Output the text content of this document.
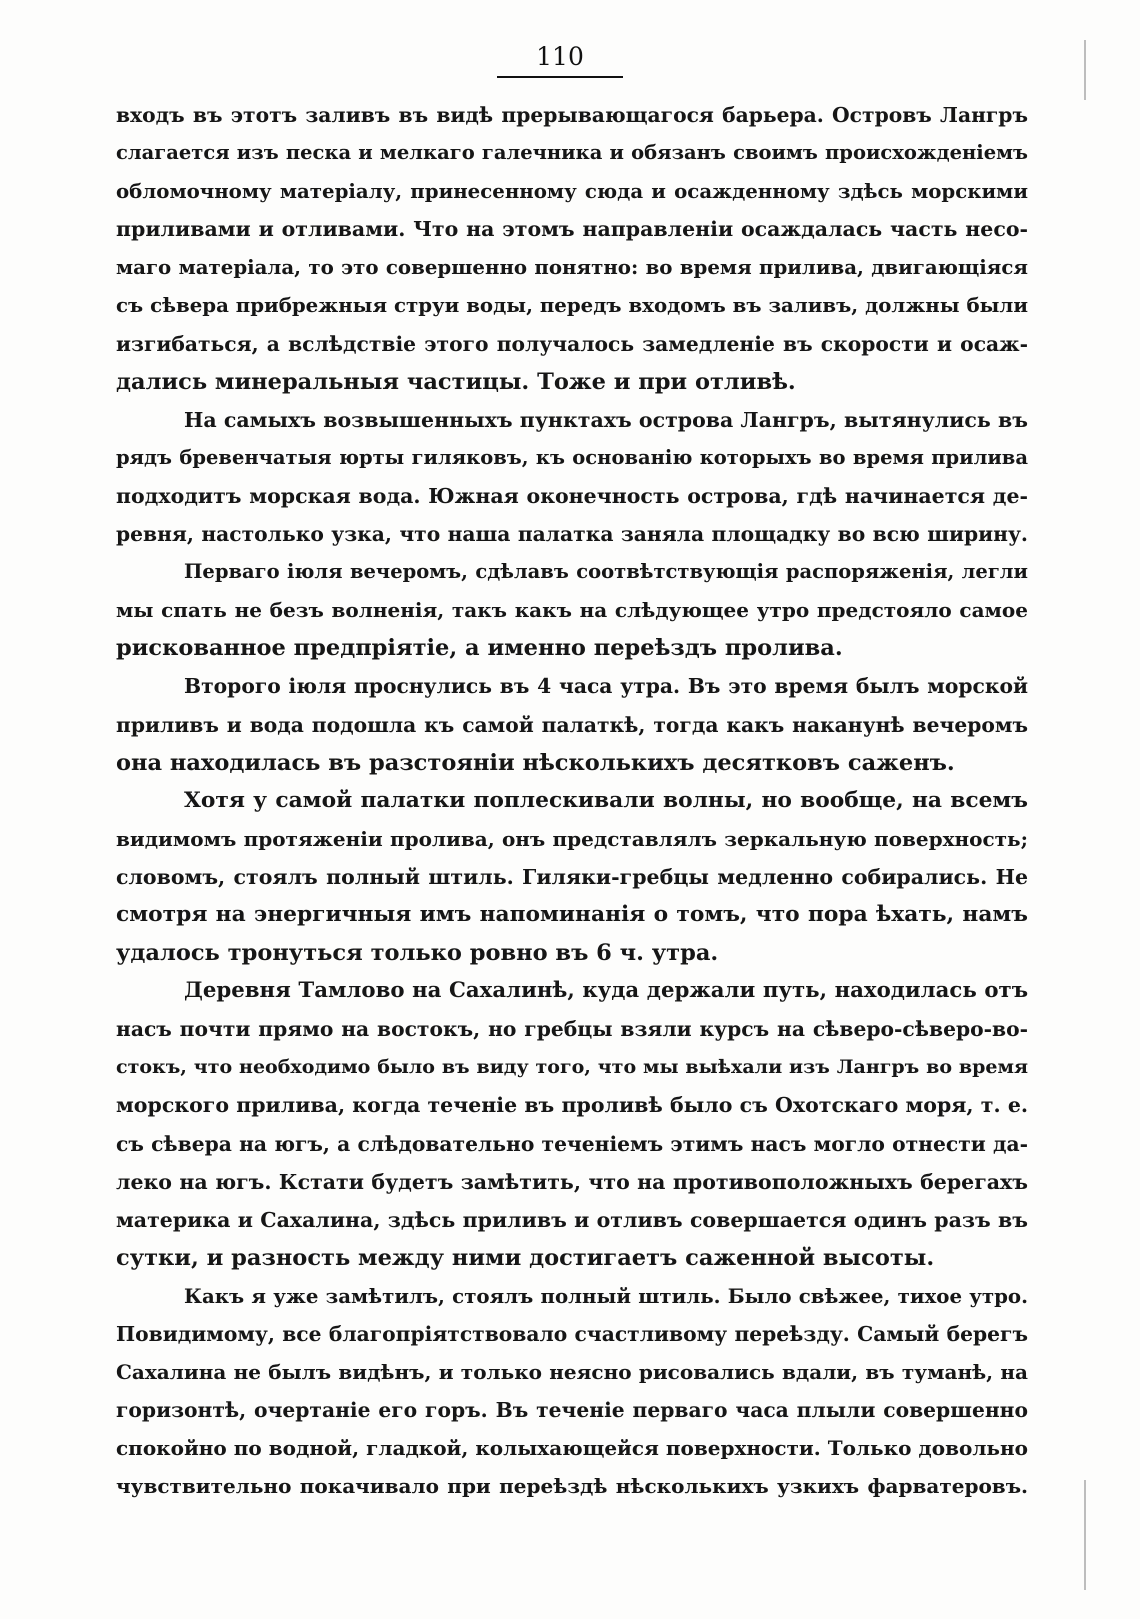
110
входъ въ этотъ заливъ въ видѣ прерывающагося барьера. Островъ Лангръ
слагается изъ песка и мелкаго галечника и обязанъ своимъ происхожденіемъ
обломочному матеріалу, принесенному сюда и осажденному здѣсь морскими
приливами и отливами. Что на этомъ направленіи осаждалась часть несо-
маго матеріала, то это совершенно понятно: во время прилива, двигающіяся
съ сѣвера прибрежныя струи воды, передъ входомъ въ заливъ, должны были
изгибаться, а вслѣдствіе этого получалось замедленіе въ скорости и осаж-
дались минеральныя частицы. Тоже и при отливѣ.
На самыхъ возвышенныхъ пунктахъ острова Лангръ, вытянулись въ
рядъ бревенчатыя юрты гиляковъ, къ основанію которыхъ во время прилива
подходитъ морская вода. Южная оконечность острова, гдѣ начинается де-
ревня, настолько узка, что наша палатка заняла площадку во всю ширину.
Перваго іюля вечеромъ, сдѣлавъ соотвѣтствующія распоряженія, легли
мы спать не безъ волненія, такъ какъ на слѣдующее утро предстояло самое
рискованное предпріятіе, а именно переѣздъ пролива.
Второго іюля проснулись въ 4 часа утра. Въ это время былъ морской
приливъ и вода подошла къ самой палаткѣ, тогда какъ наканунѣ вечеромъ
она находилась въ разстояніи нѣсколькихъ десятковъ саженъ.
Хотя у самой палатки поплескивали волны, но вообще, на всемъ
видимомъ протяженіи пролива, онъ представлялъ зеркальную поверхность;
словомъ, стоялъ полный штиль. Гиляки-гребцы медленно собирались. Не
смотря на энергичныя имъ напоминанія о томъ, что пора ѣхать, намъ
удалось тронуться только ровно въ 6 ч. утра.
Деревня Тамлово на Сахалинѣ, куда держали путь, находилась отъ
насъ почти прямо на востокъ, но гребцы взяли курсъ на сѣверо-сѣверо-во-
стокъ, что необходимо было въ виду того, что мы выѣхали изъ Лангръ во время
морского прилива, когда теченіе въ проливѣ было съ Охотскаго моря, т. е.
съ сѣвера на югъ, а слѣдовательно теченіемъ этимъ насъ могло отнести да-
леко на югъ. Кстати будетъ замѣтить, что на противоположныхъ берегахъ
материка и Сахалина, здѣсь приливъ и отливъ совершается одинъ разъ въ
сутки, и разность между ними достигаетъ саженной высоты.
Какъ я уже замѣтилъ, стоялъ полный штиль. Было свѣжее, тихое утро.
Повидимому, все благопріятствовало счастливому переѣзду. Самый берегъ
Сахалина не былъ видѣнъ, и только неясно рисовались вдали, въ туманѣ, на
горизонтѣ, очертаніе его горъ. Въ теченіе перваго часа плыли совершенно
спокойно по водной, гладкой, колыхающейся поверхности. Только довольно
чувствительно покачивало при переѣздѣ нѣсколькихъ узкихъ фарватеровъ.
